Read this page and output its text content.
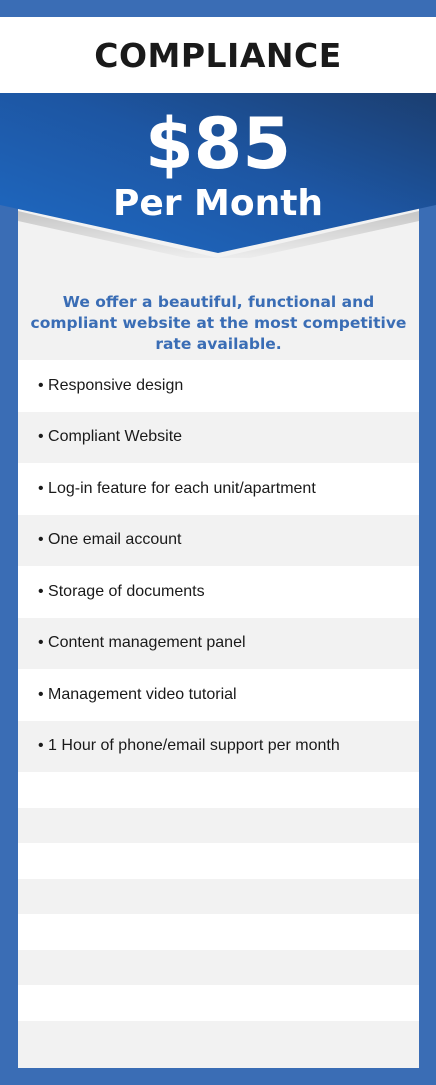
COMPLIANCE
$85
Per Month
We offer a beautiful, functional and compliant website at the most competitive rate available.
• Responsive design
• Compliant Website
• Log-in feature for each unit/apartment
• One email account
• Storage of documents
• Content management panel
• Management video tutorial
• 1 Hour of phone/email support per month
